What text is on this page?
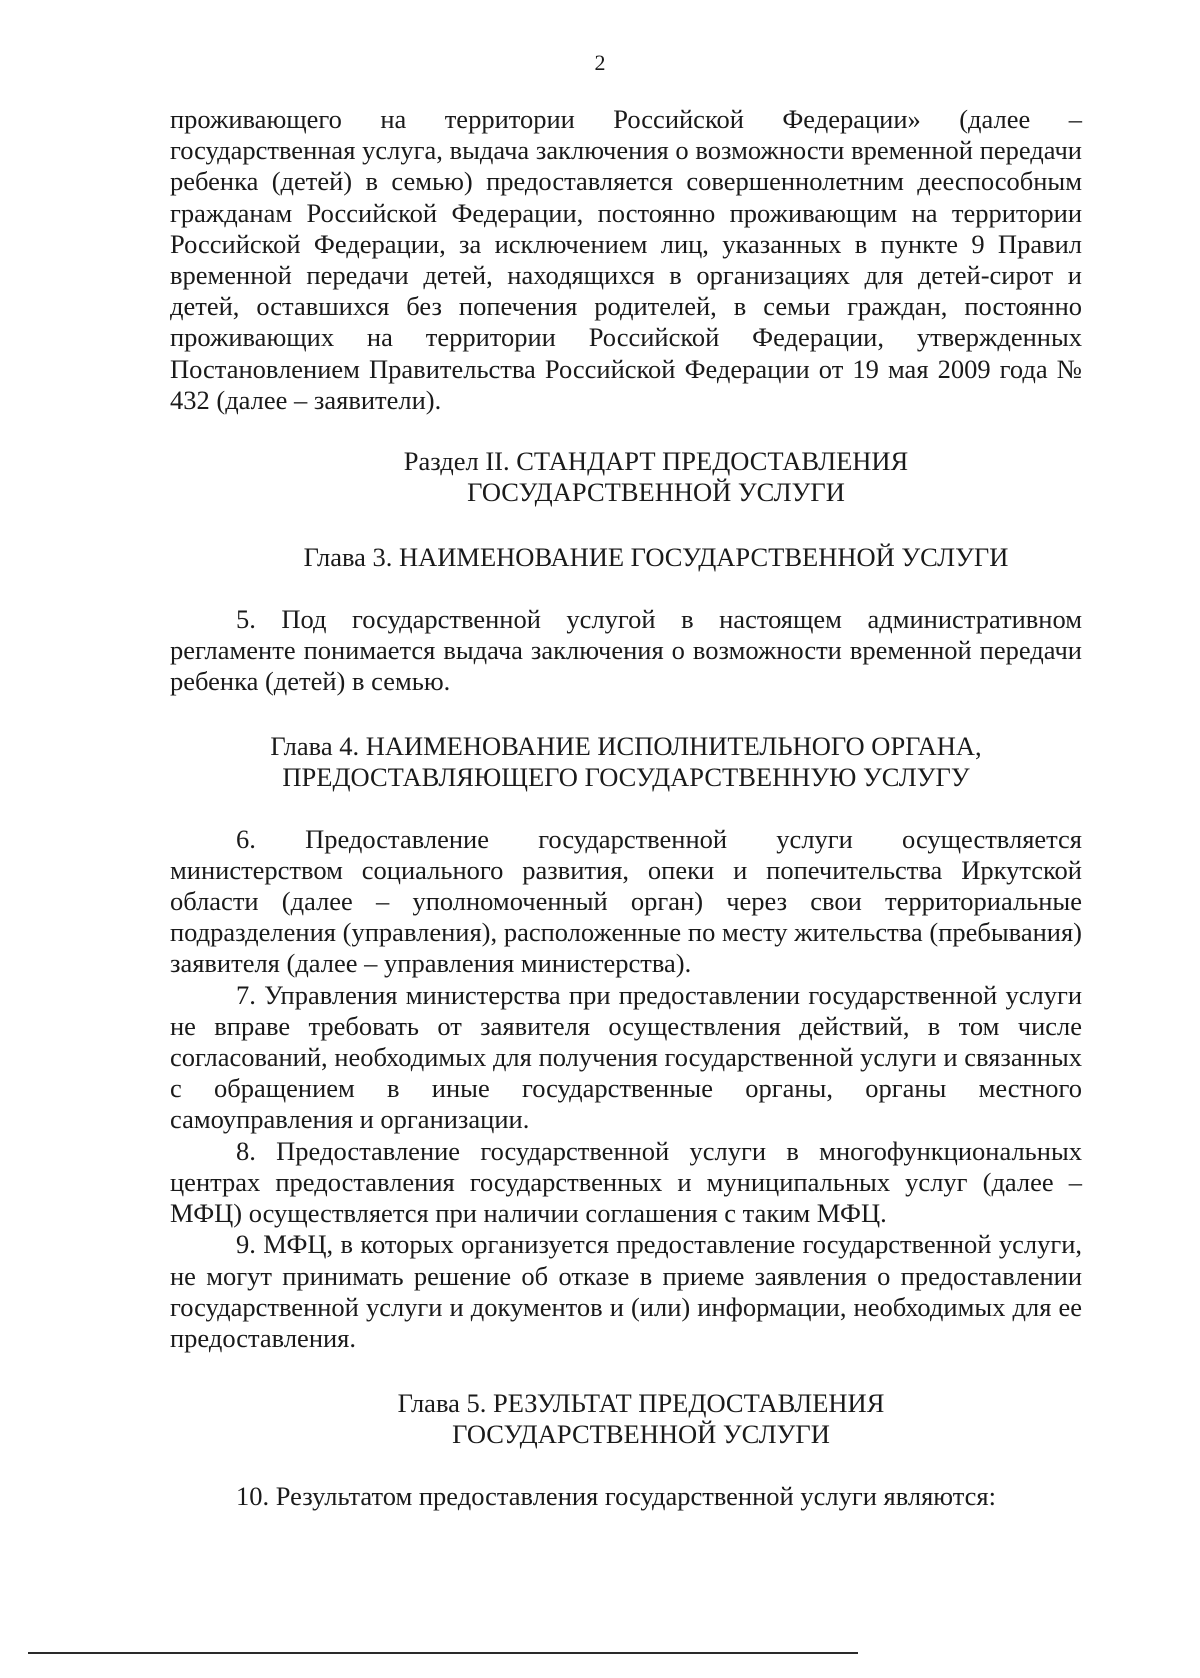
2

проживающего на территории Российской Федерации» (далее – государственная услуга, выдача заключения о возможности временной передачи ребенка (детей) в семью) предоставляется совершеннолетним дееспособным гражданам Российской Федерации, постоянно проживающим на территории Российской Федерации, за исключением лиц, указанных в пункте 9 Правил временной передачи детей, находящихся в организациях для детей-сирот и детей, оставшихся без попечения родителей, в семьи граждан, постоянно проживающих на территории Российской Федерации, утвержденных Постановлением Правительства Российской Федерации от 19 мая 2009 года № 432 (далее – заявители).

Раздел II. СТАНДАРТ ПРЕДОСТАВЛЕНИЯ
ГОСУДАРСТВЕННОЙ УСЛУГИ
Глава 3. НАИМЕНОВАНИЕ ГОСУДАРСТВЕННОЙ УСЛУГИ

5. Под государственной услугой в настоящем административном регламенте понимается выдача заключения о возможности временной передачи ребенка (детей) в семью.

Глава 4. НАИМЕНОВАНИЕ ИСПОЛНИТЕЛЬНОГО ОРГАНА,
ПРЕДОСТАВЛЯЮЩЕГО ГОСУДАРСТВЕННУЮ УСЛУГУ

6. Предоставление государственной услуги осуществляется министерством социального развития, опеки и попечительства Иркутской области (далее – уполномоченный орган) через свои территориальные подразделения (управления), расположенные по месту жительства (пребывания) заявителя (далее – управления министерства).

7. Управления министерства при предоставлении государственной услуги не вправе требовать от заявителя осуществления действий, в том числе согласований, необходимых для получения государственной услуги и связанных с обращением в иные государственные органы, органы местного самоуправления и организации.

8. Предоставление государственной услуги в многофункциональных центрах предоставления государственных и муниципальных услуг (далее – МФЦ) осуществляется при наличии соглашения с таким МФЦ.

9. МФЦ, в которых организуется предоставление государственной услуги, не могут принимать решение об отказе в приеме заявления о предоставлении государственной услуги и документов и (или) информации, необходимых для ее предоставления.

Глава 5. РЕЗУЛЬТАТ ПРЕДОСТАВЛЕНИЯ
ГОСУДАРСТВЕННОЙ УСЛУГИ

10. Результатом предоставления государственной услуги являются:
